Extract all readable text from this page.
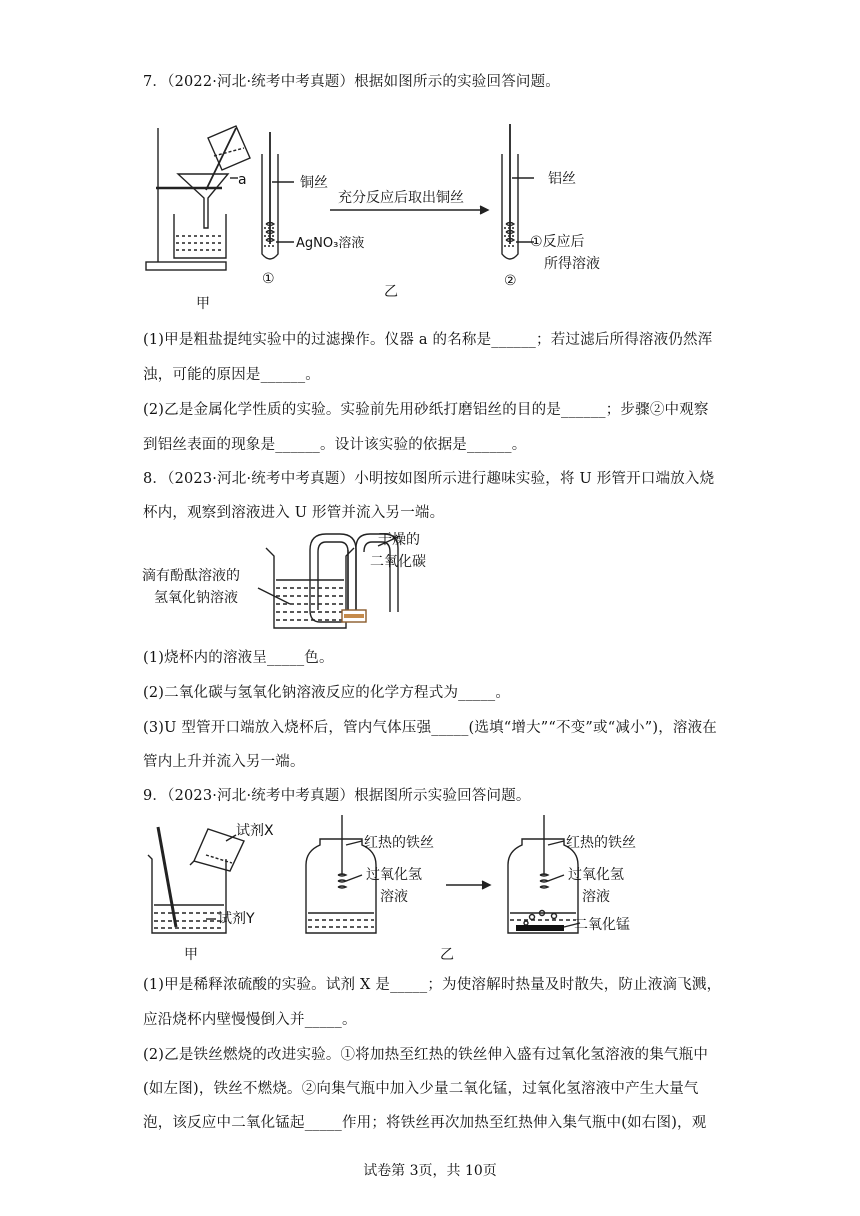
7．（2022·河北·统考中考真题）根据如图所示的实验回答问题。
a	铜丝
AgNO₃溶液
充分反应后取出铜丝
铝丝
①反应后
所得溶液
①	②
甲
乙
(1)甲是粗盐提纯实验中的过滤操作。仪器 a 的名称是______；若过滤后所得溶液仍然浑
浊，可能的原因是______。
(2)乙是金属化学性质的实验。实验前先用砂纸打磨铝丝的目的是______；步骤②中观察
到铝丝表面的现象是______。设计该实验的依据是______。
8．（2023·河北·统考中考真题）小明按如图所示进行趣味实验，将 U 形管开口端放入烧
杯内，观察到溶液进入 U 形管并流入另一端。
干燥的
二氧化碳
滴有酚酞溶液的
氢氧化钠溶液
(1)烧杯内的溶液呈_____色。
(2)二氧化碳与氢氧化钠溶液反应的化学方程式为_____。
(3)U 型管开口端放入烧杯后，管内气体压强_____(选填“增大”“不变”或“减小”)，溶液在
管内上升并流入另一端。
9．（2023·河北·统考中考真题）根据图所示实验回答问题。
试剂X
试剂Y
甲
红热的铁丝
过氧化氢
溶液
红热的铁丝
过氧化氢
溶液
二氧化锰
乙
(1)甲是稀释浓硫酸的实验。试剂 X 是_____；为使溶解时热量及时散失，防止液滴飞溅，
应沿烧杯内壁慢慢倒入并_____。
(2)乙是铁丝燃烧的改进实验。①将加热至红热的铁丝伸入盛有过氧化氢溶液的集气瓶中
(如左图)，铁丝不燃烧。②向集气瓶中加入少量二氧化锰，过氧化氢溶液中产生大量气
泡，该反应中二氧化锰起_____作用；将铁丝再次加热至红热伸入集气瓶中(如右图)，观
试卷第 3页，共 10页
